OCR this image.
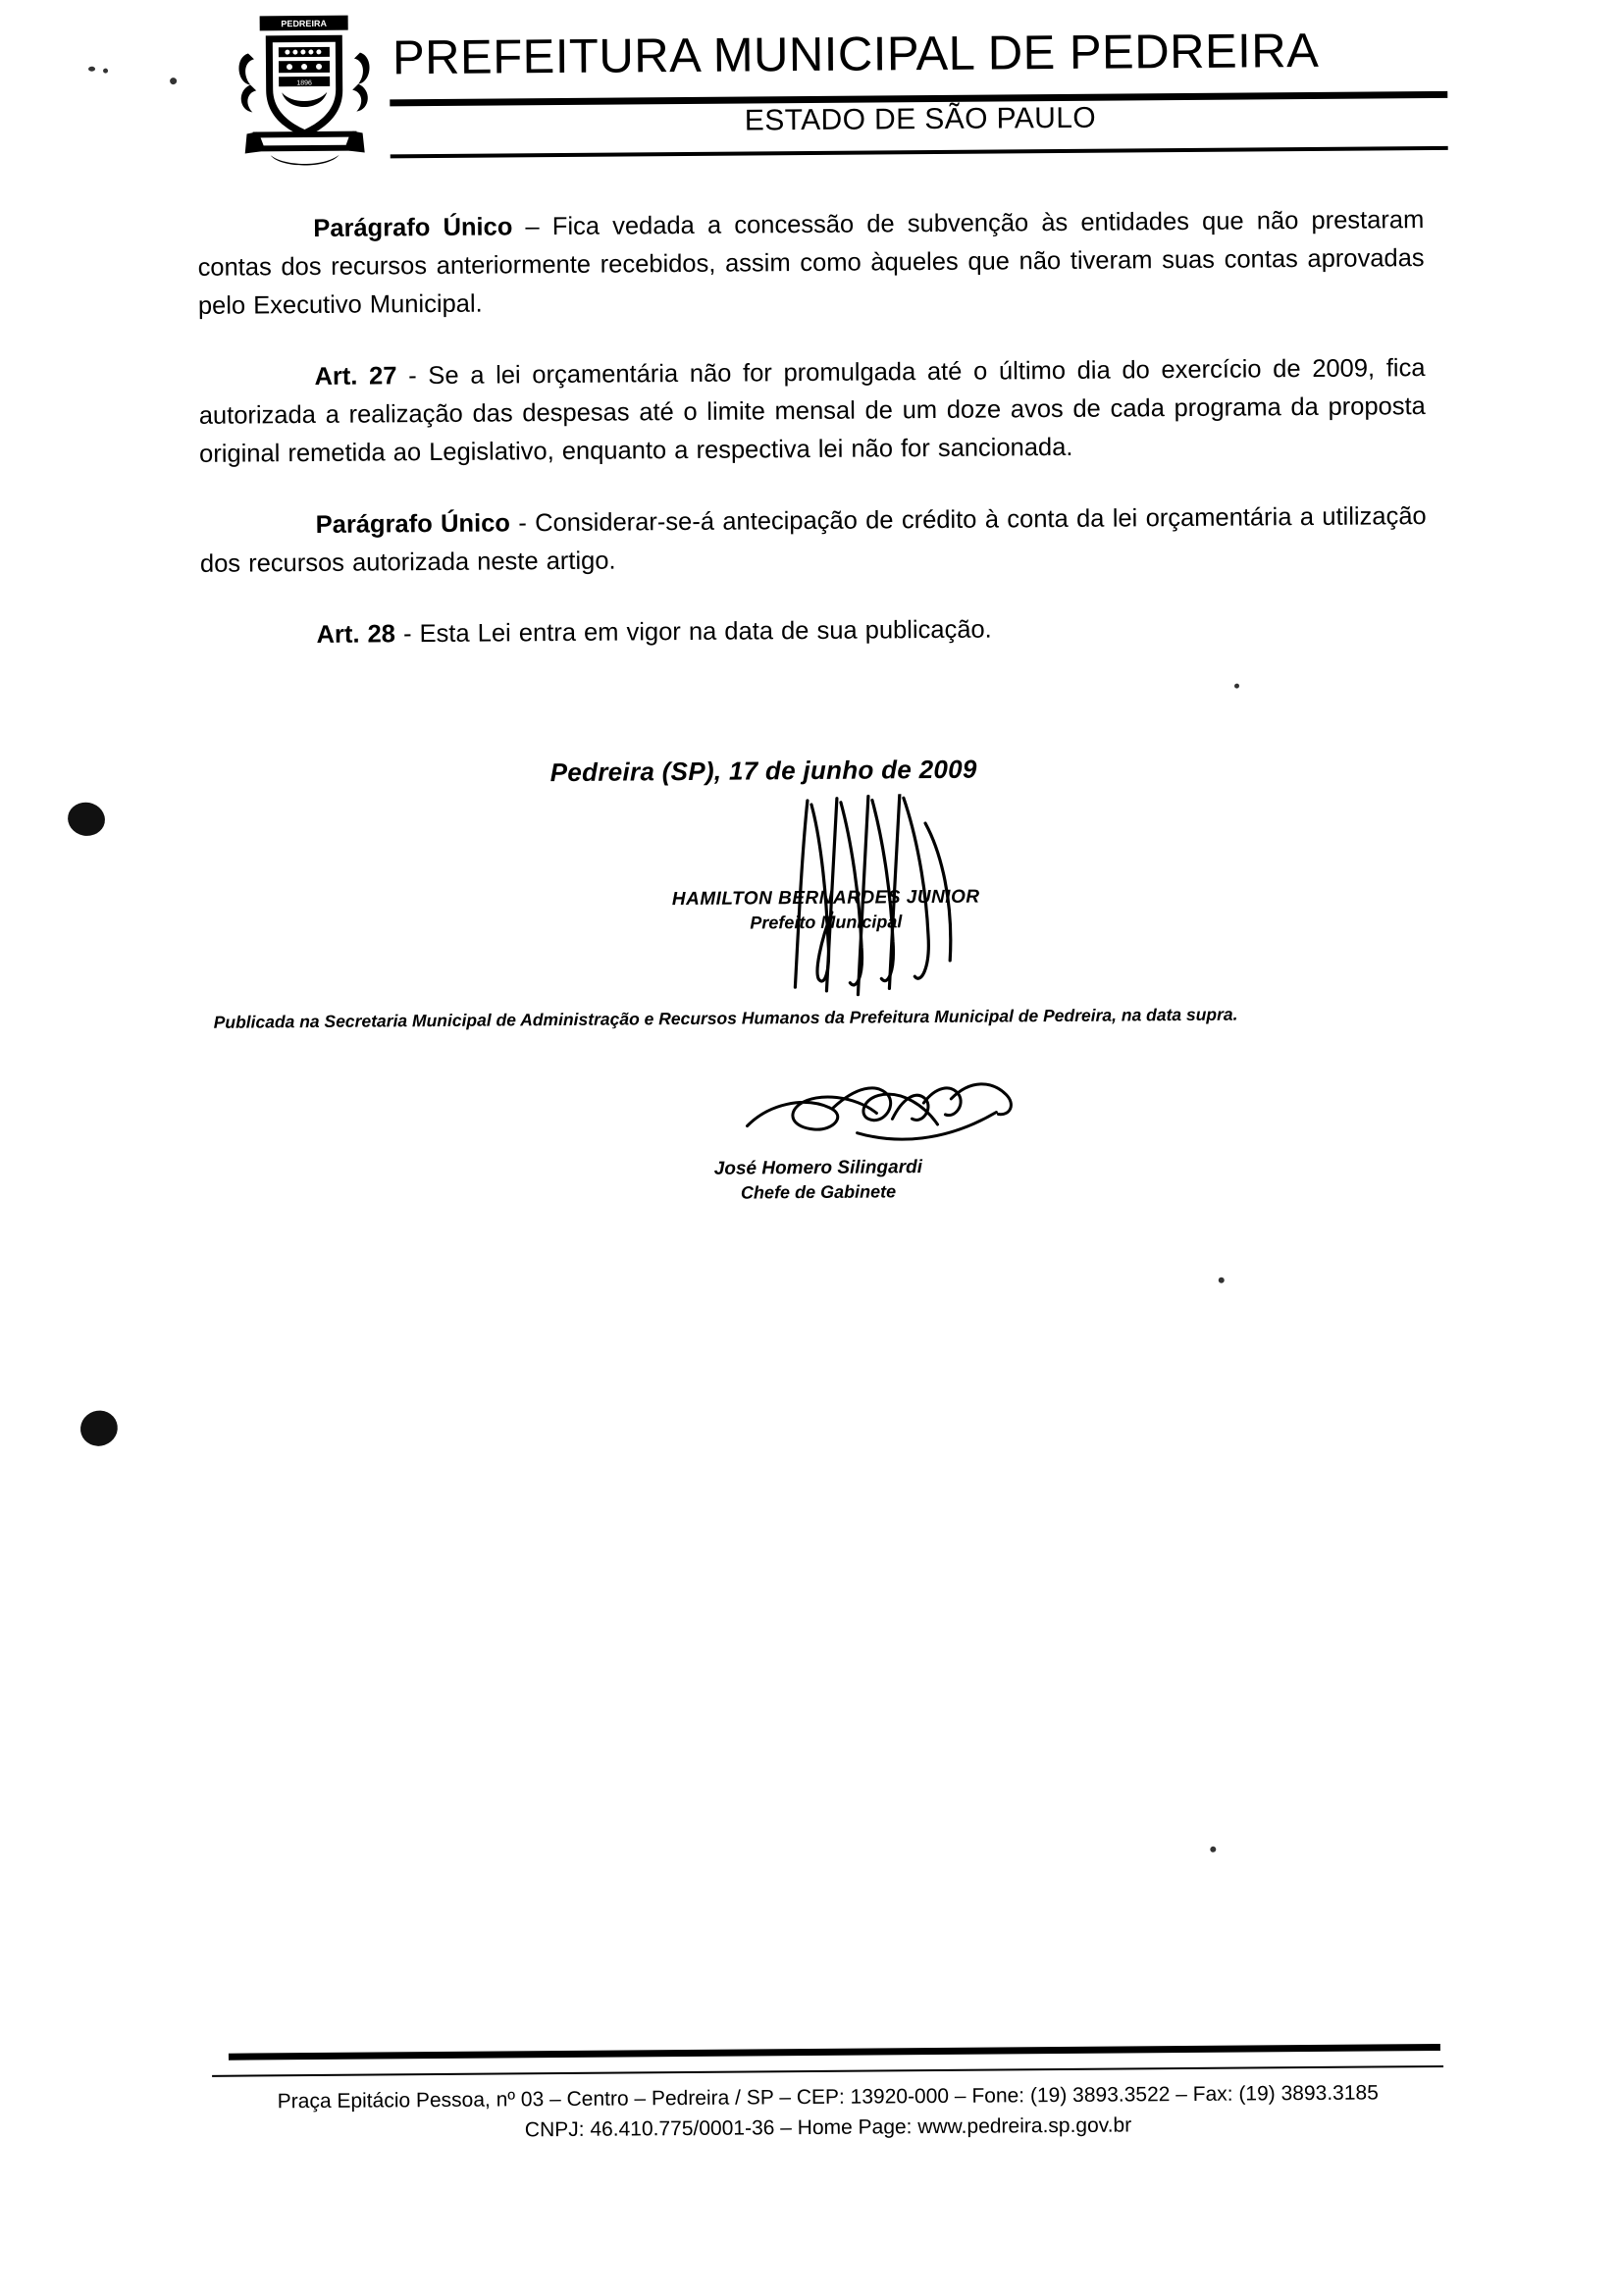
PEDREIRA
1896 PREFEITURA MUNICIPAL DE PEDREIRA
ESTADO DE SÃO PAULO

Parágrafo Único – Fica vedada a concessão de subvenção às entidades que não prestaram contas dos recursos anteriormente recebidos, assim como àqueles que não tiveram suas contas aprovadas pelo Executivo Municipal.

Art. 27 - Se a lei orçamentária não for promulgada até o último dia do exercício de 2009, fica autorizada a realização das despesas até o limite mensal de um doze avos de cada programa da proposta original remetida ao Legislativo, enquanto a respectiva lei não for sancionada.

Parágrafo Único - Considerar-se-á antecipação de crédito à conta da lei orçamentária a utilização dos recursos autorizada neste artigo.

Art. 28 - Esta Lei entra em vigor na data de sua publicação.

Pedreira (SP), 17 de junho de 2009
HAMILTON BERNARDES JUNIOR
Prefeito Municipal
Publicada na Secretaria Municipal de Administração e Recursos Humanos da Prefeitura Municipal de Pedreira, na data supra.
José Homero Silingardi
Chefe de Gabinete
Praça Epitácio Pessoa, nº 03 – Centro – Pedreira / SP – CEP: 13920-000 – Fone: (19) 3893.3522 – Fax: (19) 3893.3185
CNPJ: 46.410.775/0001-36 – Home Page: www.pedreira.sp.gov.br
